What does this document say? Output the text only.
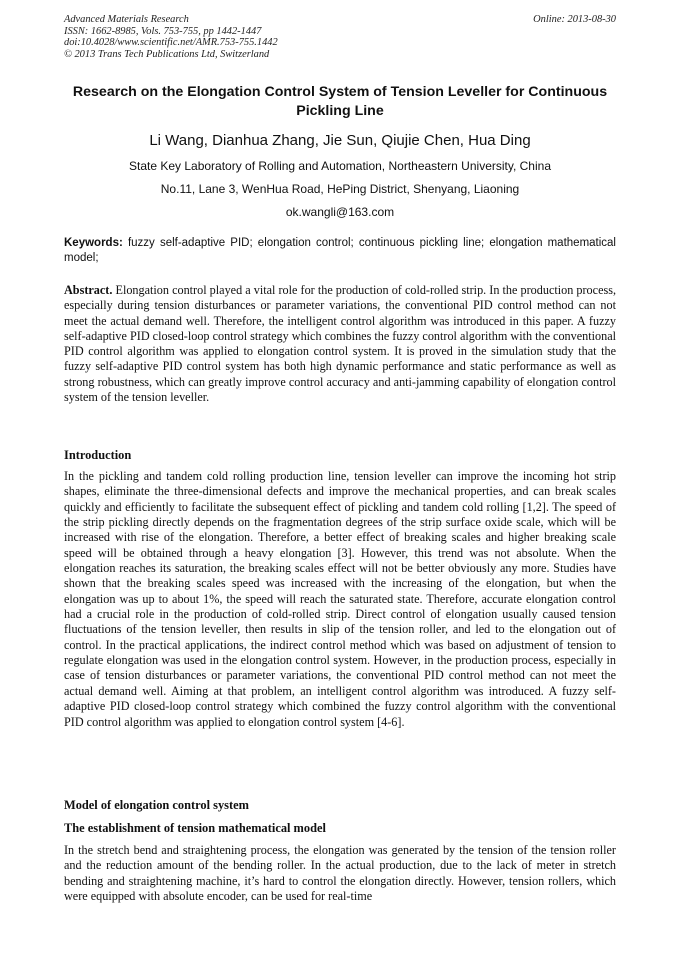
Advanced Materials Research
ISSN: 1662-8985, Vols. 753-755, pp 1442-1447
doi:10.4028/www.scientific.net/AMR.753-755.1442
© 2013 Trans Tech Publications Ltd, Switzerland
Online: 2013-08-30
Research on the Elongation Control System of Tension Leveller for Continuous Pickling Line
Li Wang, Dianhua Zhang, Jie Sun, Qiujie Chen, Hua Ding
State Key Laboratory of Rolling and Automation, Northeastern University, China
No.11, Lane 3, WenHua Road, HePing District, Shenyang, Liaoning
ok.wangli@163.com
Keywords: fuzzy self-adaptive PID; elongation control; continuous pickling line; elongation mathematical model;
Abstract. Elongation control played a vital role for the production of cold-rolled strip. In the production process, especially during tension disturbances or parameter variations, the conventional PID control method can not meet the actual demand well. Therefore, the intelligent control algorithm was introduced in this paper. A fuzzy self-adaptive PID closed-loop control strategy which combines the fuzzy control algorithm with the conventional PID control algorithm was applied to elongation control system. It is proved in the simulation study that the fuzzy self-adaptive PID control system has both high dynamic performance and static performance as well as strong robustness, which can greatly improve control accuracy and anti-jamming capability of elongation control system of the tension leveller.
Introduction

In the pickling and tandem cold rolling production line, tension leveller can improve the incoming hot strip shapes, eliminate the three-dimensional defects and improve the mechanical properties, and can break scales quickly and efficiently to facilitate the subsequent effect of pickling and tandem cold rolling [1,2]. The speed of the strip pickling directly depends on the fragmentation degrees of the strip surface oxide scale, which will be increased with rise of the elongation. Therefore, a better effect of breaking scales and higher breaking scale speed will be obtained through a heavy elongation [3]. However, this trend was not absolute. When the elongation reaches its saturation, the breaking scales effect will not be better obviously any more. Studies have shown that the breaking scales speed was increased with the increasing of the elongation, but when the elongation was up to about 1%, the speed will reach the saturated state. Therefore, accurate elongation control had a crucial role in the production of cold-rolled strip. Direct control of elongation usually caused tension fluctuations of the tension leveller, then results in slip of the tension roller, and led to the elongation out of control. In the practical applications, the indirect control method which was based on adjustment of tension to regulate elongation was used in the elongation control system. However, in the production process, especially in case of tension disturbances or parameter variations, the conventional PID control method can not meet the actual demand well. Aiming at that problem, an intelligent control algorithm was introduced. A fuzzy self-adaptive PID closed-loop control strategy which combined the fuzzy control algorithm with the conventional PID control algorithm was applied to elongation control system [4-6].

Model of elongation control system
The establishment of tension mathematical model

In the stretch bend and straightening process, the elongation was generated by the tension of the tension roller and the reduction amount of the bending roller. In the actual production, due to the lack of meter in stretch bending and straightening machine, it’s hard to control the elongation directly. However, tension rollers, which were equipped with absolute encoder, can be used for real-time
